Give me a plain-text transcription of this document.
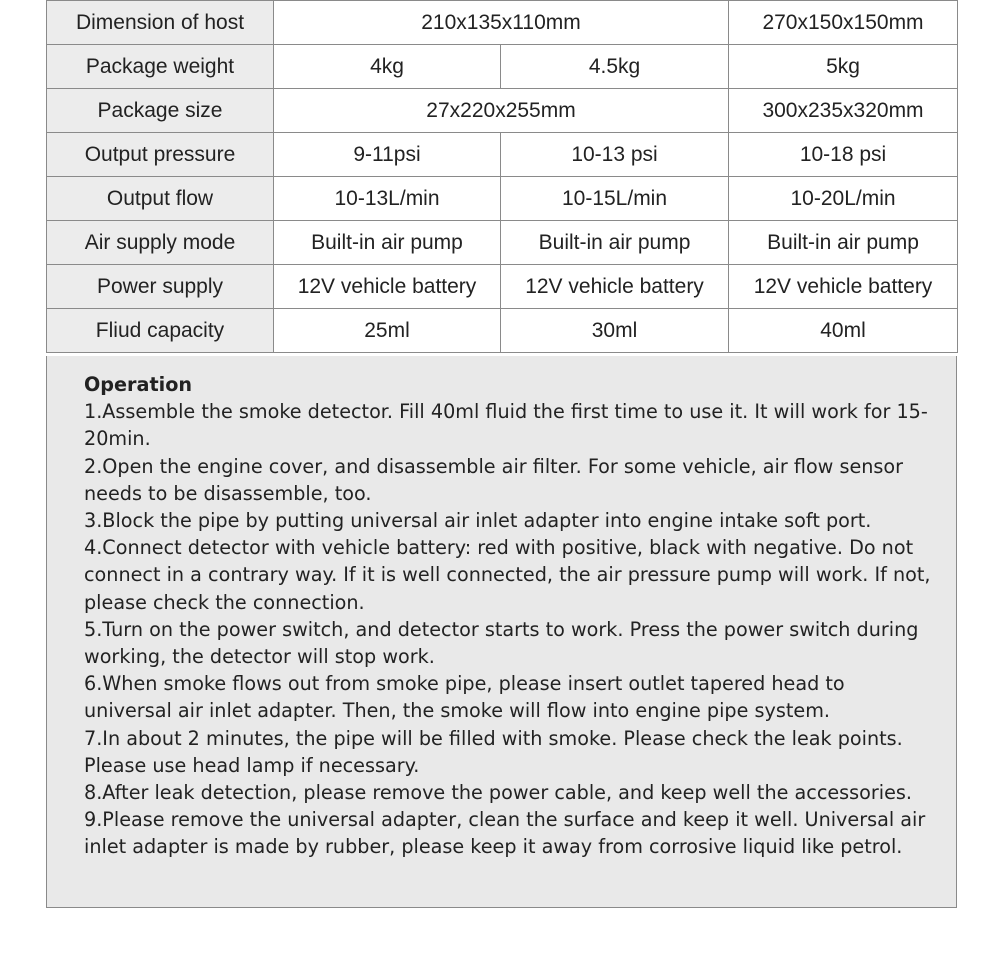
Dimension of host	210x135x110mm		270x150x150mm
Package weight	4kg	4.5kg	5kg
Package size	27x220x255mm		300x235x320mm
Output pressure	9-11psi	10-13 psi	10-18 psi
Output flow	10-13L/min	10-15L/min	10-20L/min
Air supply mode	Built-in air pump	Built-in air pump	Built-in air pump
Power supply	12V vehicle battery	12V vehicle battery	12V vehicle battery
Fliud capacity	25ml	30ml	40ml
Operation

1.Assemble the smoke detector. Fill 40ml fluid the first time to use it. It will work for 15-20min.

2.Open the engine cover, and disassemble air filter. For some vehicle, air flow sensor needs to be disassemble, too.

3.Block the pipe by putting universal air inlet adapter into engine intake soft port.

4.Connect detector with vehicle battery: red with positive, black with negative. Do not connect in a contrary way. If it is well connected, the air pressure pump will work. If not, please check the connection.

5.Turn on the power switch, and detector starts to work. Press the power switch during working, the detector will stop work.

6.When smoke flows out from smoke pipe, please insert outlet tapered head to universal air inlet adapter. Then, the smoke will flow into engine pipe system.

7.In about 2 minutes, the pipe will be filled with smoke. Please check the leak points. Please use head lamp if necessary.

8.After leak detection, please remove the power cable, and keep well the accessories.

9.Please remove the universal adapter, clean the surface and keep it well. Universal air inlet adapter is made by rubber, please keep it away from corrosive liquid like petrol.
